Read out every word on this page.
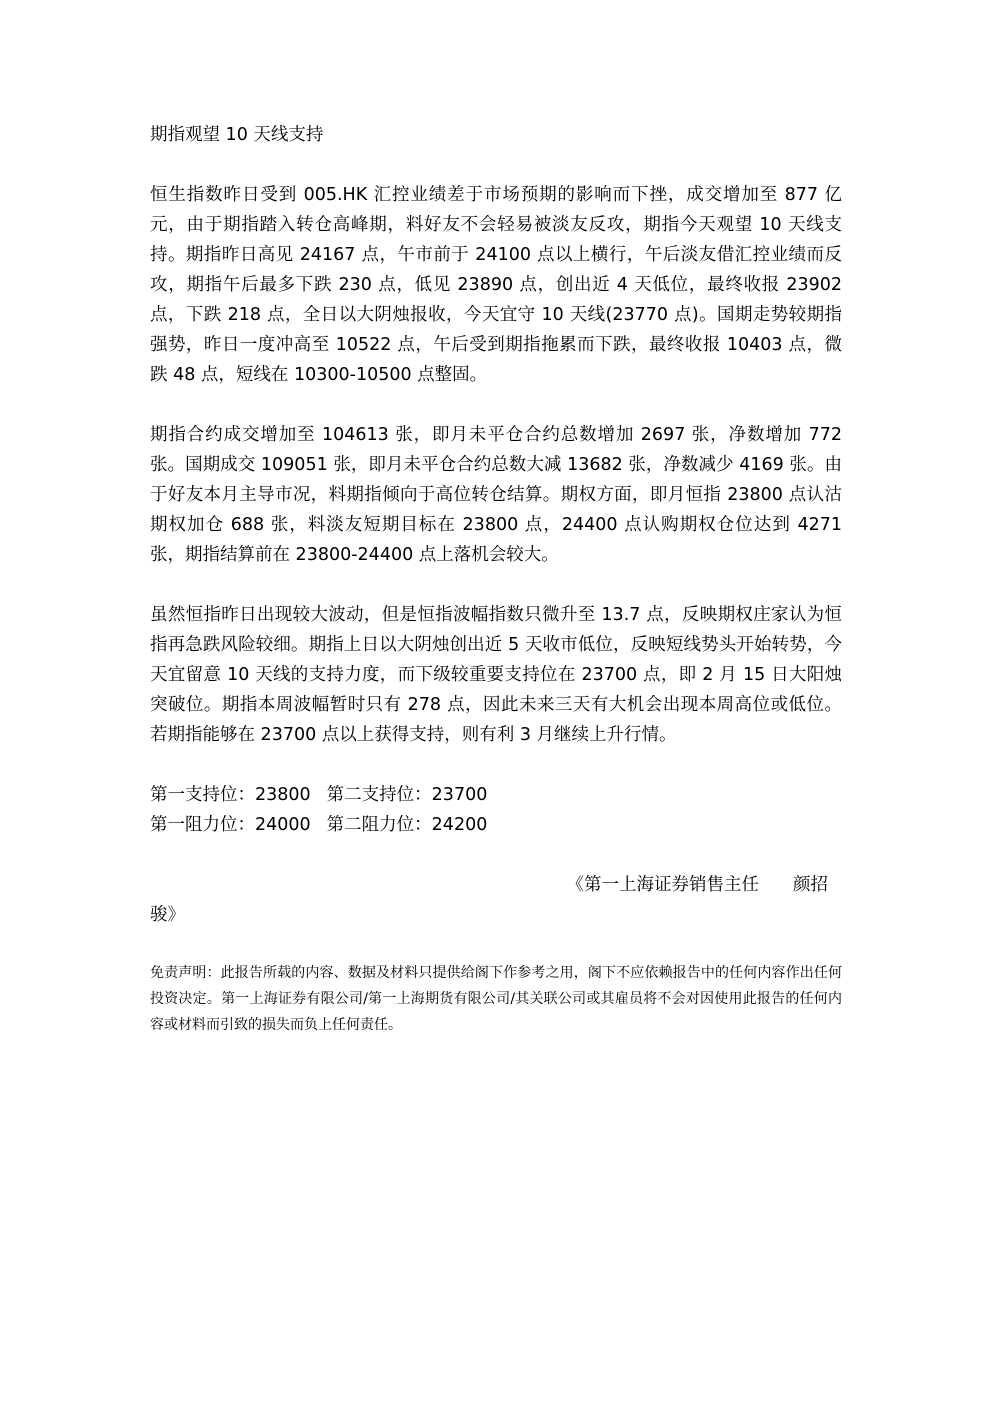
期指观望 10 天线支持

恒生指数昨日受到 005.HK 汇控业绩差于市场预期的影响而下挫，成交增加至 877 亿元，由于期指踏入转仓高峰期，料好友不会轻易被淡友反攻，期指今天观望 10 天线支持。期指昨日高见 24167 点，午市前于 24100 点以上横行，午后淡友借汇控业绩而反攻，期指午后最多下跌 230 点，低见 23890 点，创出近 4 天低位，最终收报 23902 点，下跌 218 点，全日以大阴烛报收，今天宜守 10 天线(23770 点)。国期走势较期指强势，昨日一度冲高至 10522 点，午后受到期指拖累而下跌，最终收报 10403 点，微跌 48 点，短线在 10300-10500 点整固。

期指合约成交增加至 104613 张，即月未平仓合约总数增加 2697 张，净数增加 772 张。国期成交 109051 张，即月未平仓合约总数大减 13682 张，净数减少 4169 张。由于好友本月主导市况，料期指倾向于高位转仓结算。期权方面，即月恒指 23800 点认沽期权加仓 688 张，料淡友短期目标在 23800 点，24400 点认购期权仓位达到 4271 张，期指结算前在 23800-24400 点上落机会较大。

虽然恒指昨日出现较大波动，但是恒指波幅指数只微升至 13.7 点，反映期权庄家认为恒指再急跌风险较细。期指上日以大阴烛创出近 5 天收市低位，反映短线势头开始转势，今天宜留意 10 天线的支持力度，而下级较重要支持位在 23700 点，即 2 月 15 日大阳烛突破位。期指本周波幅暂时只有 278 点，因此未来三天有大机会出现本周高位或低位。若期指能够在 23700 点以上获得支持，则有利 3 月继续上升行情。

第一支持位：23800 第二支持位：23700
第一阻力位：24000 第二阻力位：24200
《第一上海证券销售主任 颜招
骏》

免责声明：此报告所载的内容、数据及材料只提供给阁下作参考之用，阁下不应依赖报告中的任何内容作出任何投资决定。第一上海证券有限公司/第一上海期货有限公司/其关联公司或其雇员将不会对因使用此报告的任何内容或材料而引致的损失而负上任何责任。
